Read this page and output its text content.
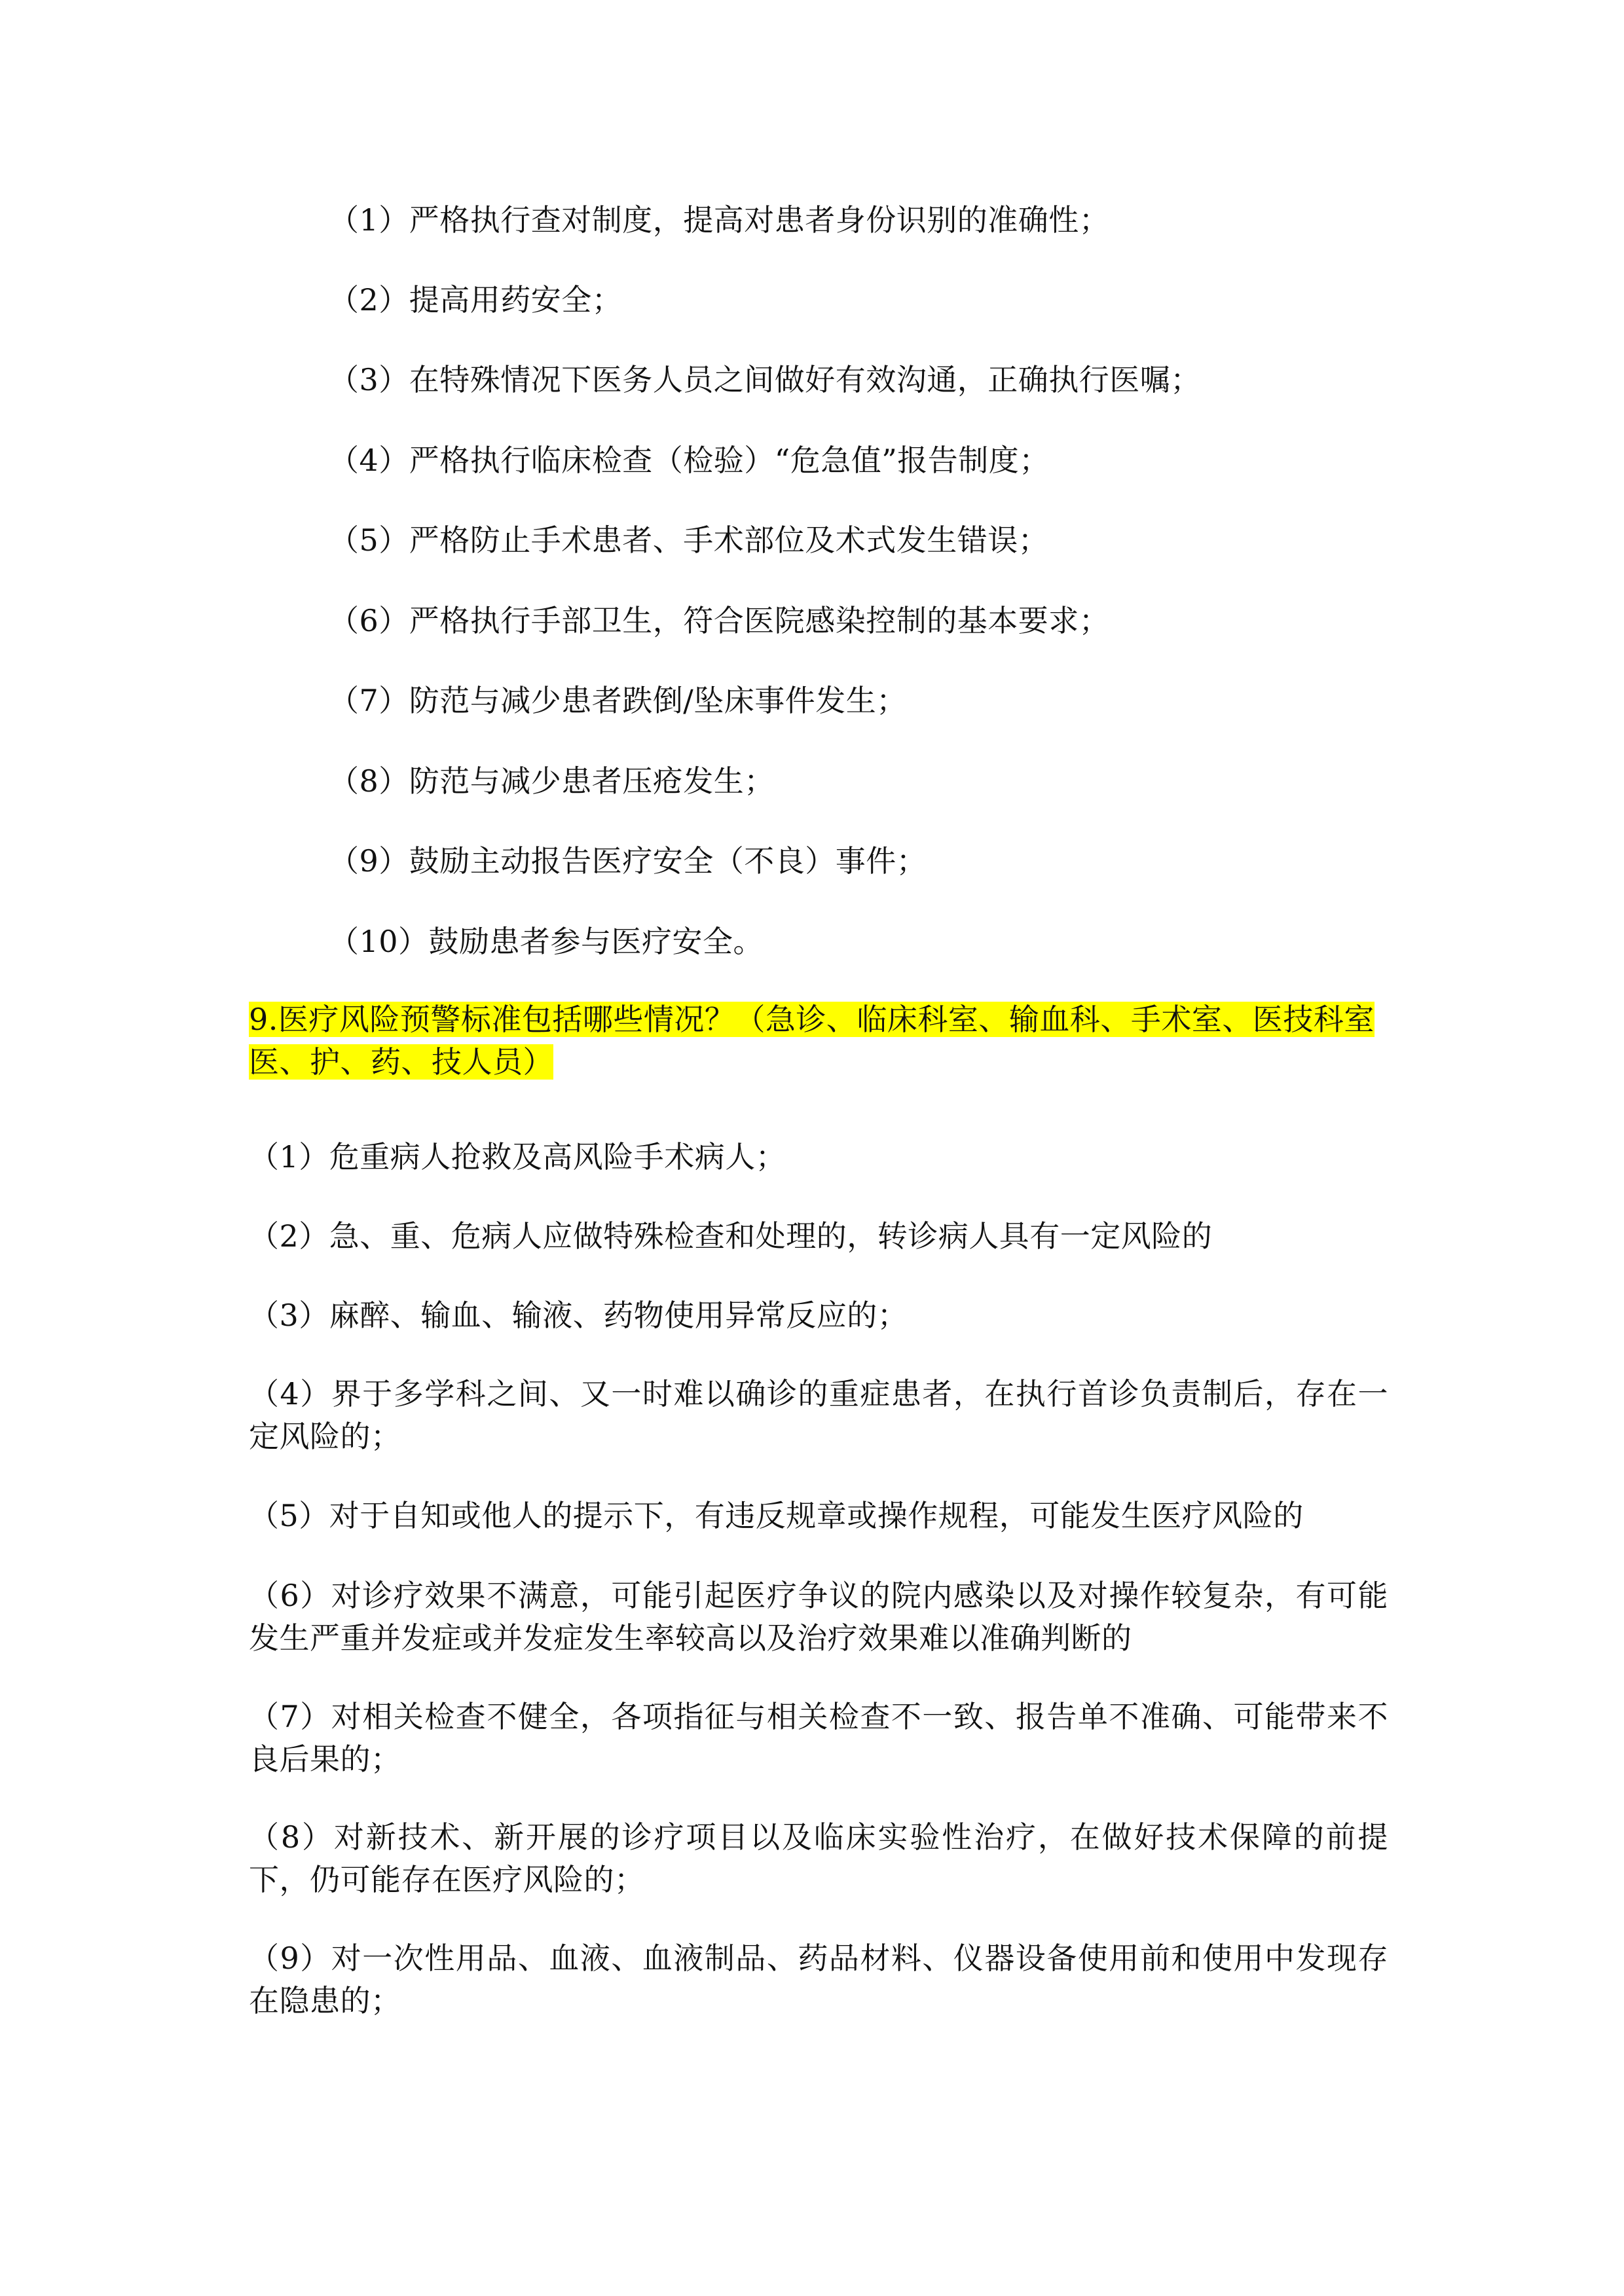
（1）严格执行查对制度，提高对患者身份识别的准确性；

（2）提高用药安全；

（3）在特殊情况下医务人员之间做好有效沟通，正确执行医嘱；

（4）严格执行临床检查（检验）“危急值”报告制度；

（5）严格防止手术患者、手术部位及术式发生错误；

（6）严格执行手部卫生，符合医院感染控制的基本要求；

（7）防范与减少患者跌倒/坠床事件发生；

（8）防范与减少患者压疮发生；

（9）鼓励主动报告医疗安全（不良）事件；

（10）鼓励患者参与医疗安全。

9.医疗风险预警标准包括哪些情况？（急诊、临床科室、输血科、手术室、医技科室医、护、药、技人员）

（1）危重病人抢救及高风险手术病人；

（2）急、重、危病人应做特殊检查和处理的，转诊病人具有一定风险的

（3）麻醉、输血、输液、药物使用异常反应的；

（4）界于多学科之间、又一时难以确诊的重症患者，在执行首诊负责制后，存在一定风险的；

（5）对于自知或他人的提示下，有违反规章或操作规程，可能发生医疗风险的

（6）对诊疗效果不满意，可能引起医疗争议的院内感染以及对操作较复杂，有可能发生严重并发症或并发症发生率较高以及治疗效果难以准确判断的

（7）对相关检查不健全，各项指征与相关检查不一致、报告单不准确、可能带来不良后果的；

（8）对新技术、新开展的诊疗项目以及临床实验性治疗，在做好技术保障的前提下，仍可能存在医疗风险的；

（9）对一次性用品、血液、血液制品、药品材料、仪器设备使用前和使用中发现存在隐患的；
